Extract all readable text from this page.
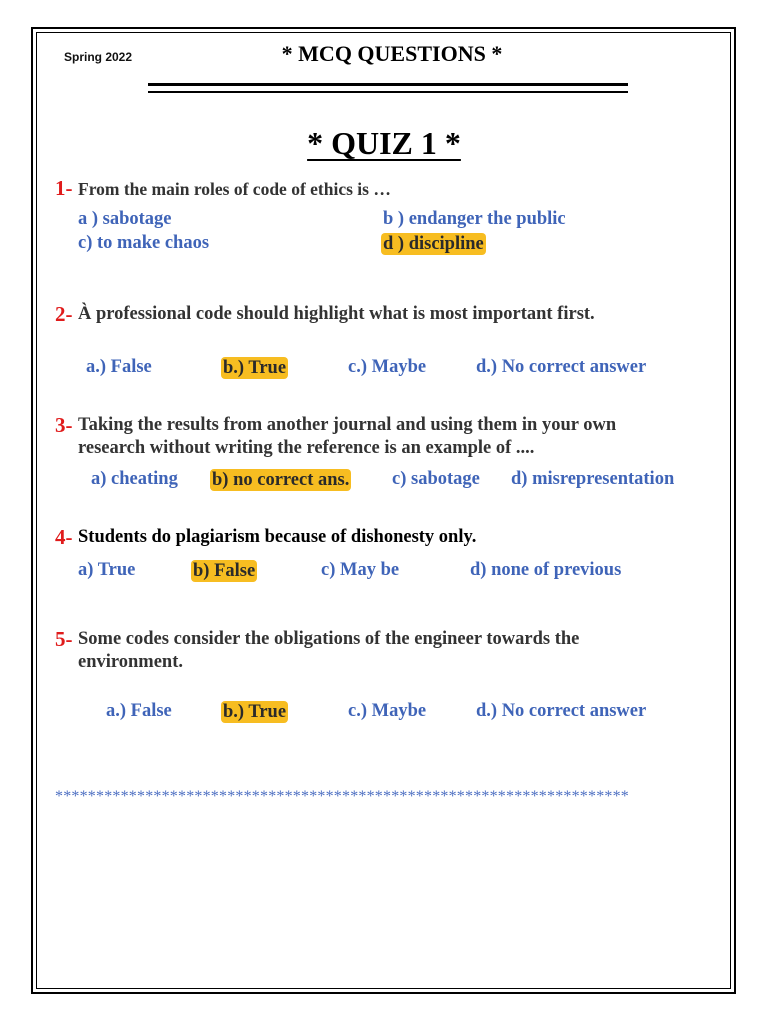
Spring 2022	* MCQ QUESTIONS *
* QUIZ 1 *
1- From the main roles of code of ethics is …
a ) sabotage	b ) endanger the public
c) to make chaos	d ) discipline
2- À professional code should highlight what is most important first.
a.) False	b.) True	c.) Maybe	d.) No correct answer
3- Taking the results from another journal and using them in your own
research without writing the reference is an example of ....
a) cheating b) no correct ans. c) sabotage d) misrepresentation
4- Students do plagiarism because of dishonesty only.
a) True	b) False	c) May be	d) none of previous
5- Some codes consider the obligations of the engineer towards the
environment.
a.) False	b.) True	c.) Maybe	d.) No correct answer
**********************************************************************
